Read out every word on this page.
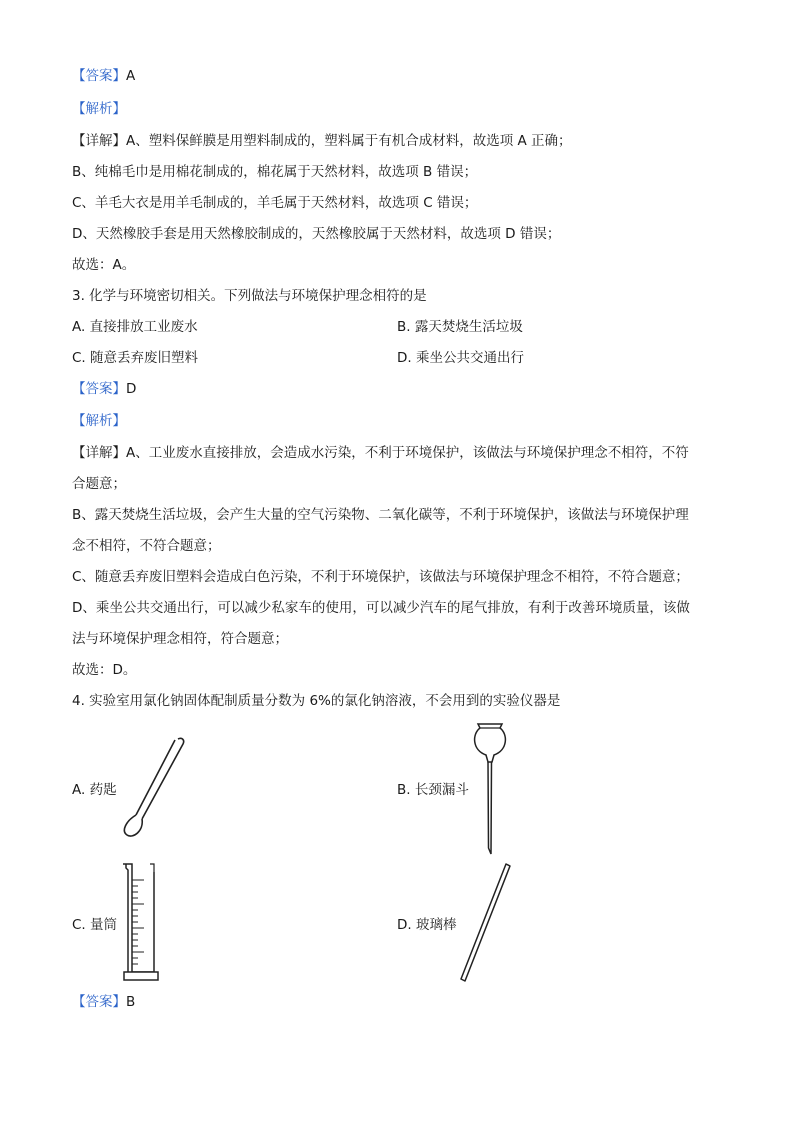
【答案】A
【解析】
【详解】A、塑料保鲜膜是用塑料制成的，塑料属于有机合成材料，故选项 A 正确；
B、纯棉毛巾是用棉花制成的，棉花属于天然材料，故选项 B 错误；
C、羊毛大衣是用羊毛制成的，羊毛属于天然材料，故选项 C 错误；
D、天然橡胶手套是用天然橡胶制成的，天然橡胶属于天然材料，故选项 D 错误；
故选：A。
3. 化学与环境密切相关。下列做法与环境保护理念相符的是
A. 直接排放工业废水	B. 露天焚烧生活垃圾
C. 随意丢弃废旧塑料	D. 乘坐公共交通出行
【答案】D
【解析】
【详解】A、工业废水直接排放，会造成水污染，不利于环境保护，该做法与环境保护理念不相符，不符
合题意；
B、露天焚烧生活垃圾，会产生大量的空气污染物、二氧化碳等，不利于环境保护，该做法与环境保护理
念不相符，不符合题意；
C、随意丢弃废旧塑料会造成白色污染，不利于环境保护，该做法与环境保护理念不相符，不符合题意；
D、乘坐公共交通出行，可以减少私家车的使用，可以减少汽车的尾气排放，有利于改善环境质量，该做
法与环境保护理念相符，符合题意；
故选：D。
4. 实验室用氯化钠固体配制质量分数为 6%的氯化钠溶液，不会用到的实验仪器是
A. 药匙	B. 长颈漏斗
C. 量筒	D. 玻璃棒
【答案】B
